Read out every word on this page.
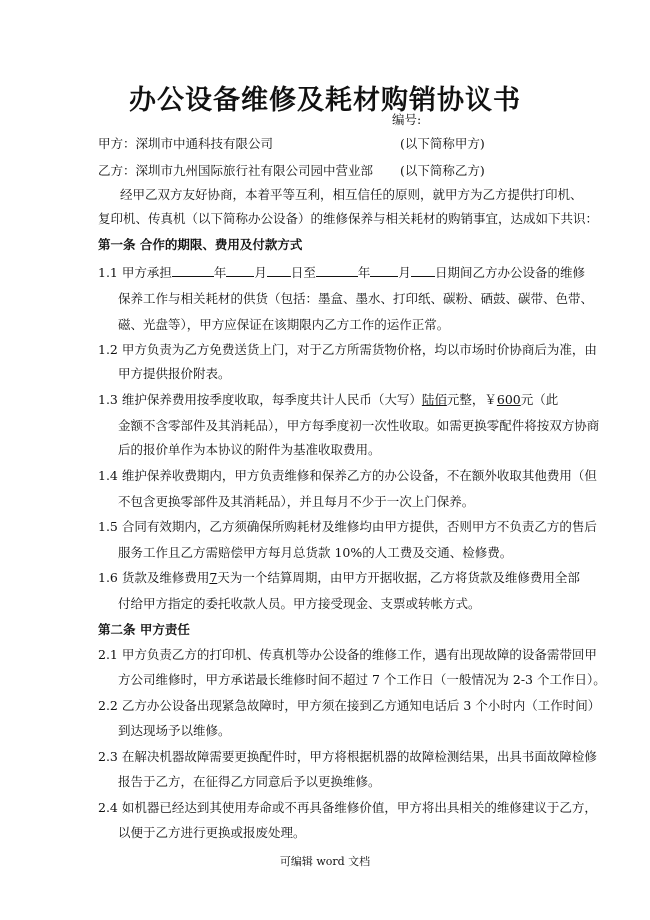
办公设备维修及耗材购销协议书
编号:
甲方：深圳市中通科技有限公司	(以下简称甲方)
乙方：深圳市九州国际旅行社有限公司园中营业部 (以下简称乙方)
经甲乙双方友好协商，本着平等互利，相互信任的原则，就甲方为乙方提供打印机、
复印机、传真机（以下简称办公设备）的维修保养与相关耗材的购销事宜，达成如下共识：
第一条 合作的期限、费用及付款方式
1.1 甲方承担	年 月 日至	年 月 日期间乙方办公设备的维修
保养工作与相关耗材的供货（包括：墨盒、墨水、打印纸、碳粉、硒鼓、碳带、色带、
磁、光盘等），甲方应保证在该期限内乙方工作的运作正常。
1.2 甲方负责为乙方免费送货上门，对于乙方所需货物价格，均以市场时价协商后为准，由
甲方提供报价附表。
1.3 维护保养费用按季度收取，每季度共计人民币（大写）陆佰元整，￥600元（此
金额不含零部件及其消耗品），甲方每季度初一次性收取。如需更换零配件将按双方协商
后的报价单作为本协议的附件为基准收取费用。
1.4 维护保养收费期内，甲方负责维修和保养乙方的办公设备，不在额外收取其他费用（但
不包含更换零部件及其消耗品），并且每月不少于一次上门保养。
1.5 合同有效期内，乙方须确保所购耗材及维修均由甲方提供，否则甲方不负责乙方的售后
服务工作且乙方需赔偿甲方每月总货款 10%的人工费及交通、检修费。
1.6 货款及维修费用7天为一个结算周期，由甲方开据收据，乙方将货款及维修费用全部
付给甲方指定的委托收款人员。甲方接受现金、支票或转帐方式。
第二条 甲方责任
2.1 甲方负责乙方的打印机、传真机等办公设备的维修工作，遇有出现故障的设备需带回甲
方公司维修时，甲方承诺最长维修时间不超过 7 个工作日（一般情况为 2-3 个工作日）。
2.2 乙方办公设备出现紧急故障时，甲方须在接到乙方通知电话后 3 个小时内（工作时间）
到达现场予以维修。
2.3 在解决机器故障需要更换配件时，甲方将根据机器的故障检测结果，出具书面故障检修
报告于乙方，在征得乙方同意后予以更换维修。
2.4 如机器已经达到其使用寿命或不再具备维修价值，甲方将出具相关的维修建议于乙方，
以便于乙方进行更换或报废处理。
可编辑 word 文档
